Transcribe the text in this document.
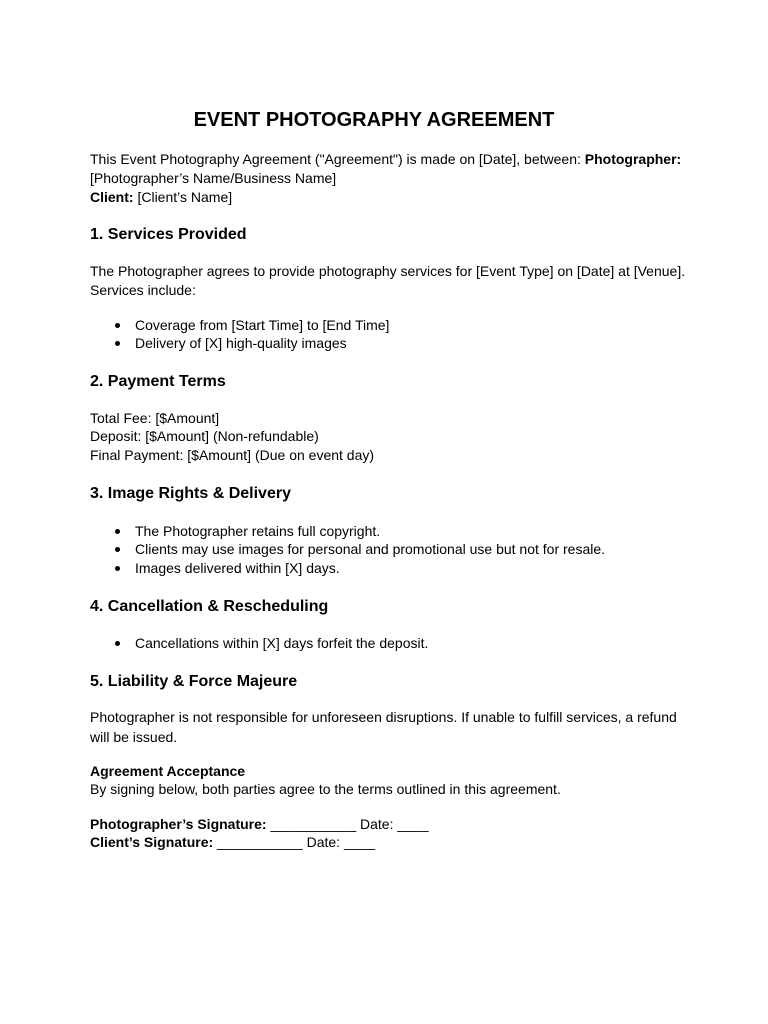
EVENT PHOTOGRAPHY AGREEMENT
This Event Photography Agreement ("Agreement") is made on [Date], between: Photographer:
[Photographer’s Name/Business Name]
Client: [Client’s Name]
1. Services Provided
The Photographer agrees to provide photography services for [Event Type] on [Date] at [Venue].
Services include:
Coverage from [Start Time] to [End Time]
Delivery of [X] high-quality images
2. Payment Terms
Total Fee: [$Amount]
Deposit: [$Amount] (Non-refundable)
Final Payment: [$Amount] (Due on event day)
3. Image Rights & Delivery
The Photographer retains full copyright.
Clients may use images for personal and promotional use but not for resale.
Images delivered within [X] days.
4. Cancellation & Rescheduling
Cancellations within [X] days forfeit the deposit.
5. Liability & Force Majeure
Photographer is not responsible for unforeseen disruptions. If unable to fulfill services, a refund
will be issued.
Agreement Acceptance
By signing below, both parties agree to the terms outlined in this agreement.
Photographer’s Signature: ___________ Date: ____
Client’s Signature: ___________ Date: ____
